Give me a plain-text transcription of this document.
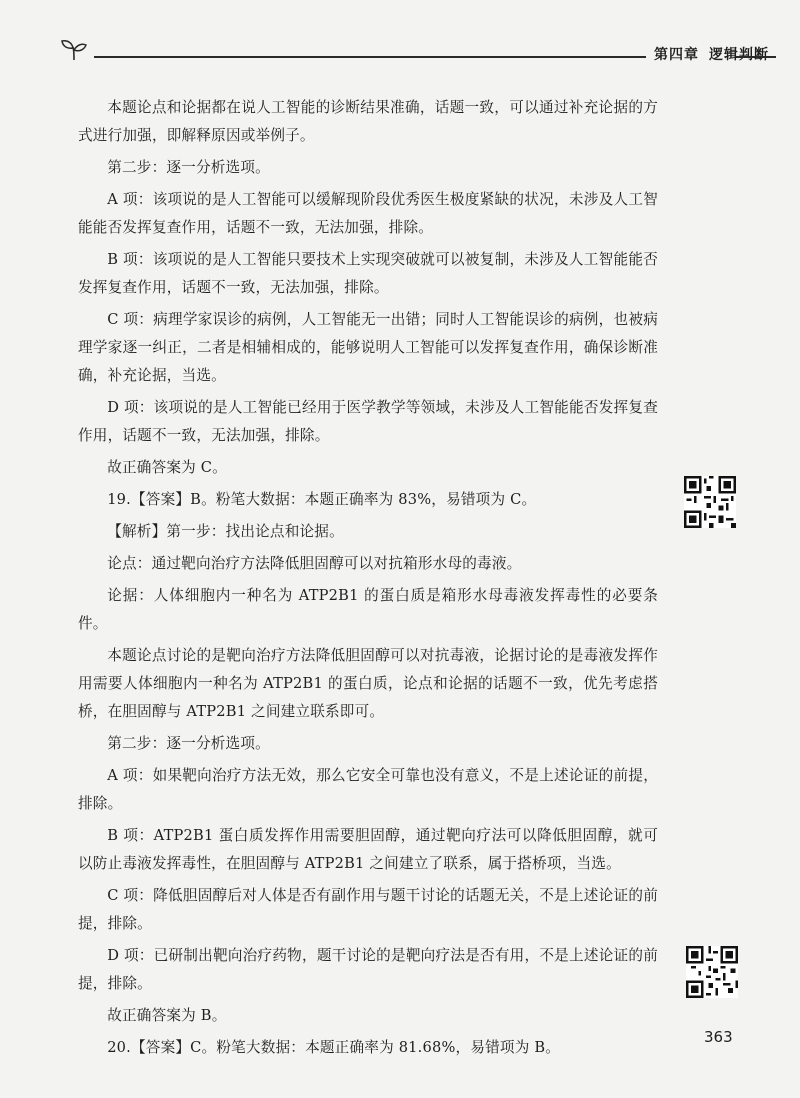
第四章 逻辑判断

本题论点和论据都在说人工智能的诊断结果准确，话题一致，可以通过补充论据的方式进行加强，即解释原因或举例子。

第二步：逐一分析选项。

A 项：该项说的是人工智能可以缓解现阶段优秀医生极度紧缺的状况，未涉及人工智能能否发挥复查作用，话题不一致，无法加强，排除。

B 项：该项说的是人工智能只要技术上实现突破就可以被复制，未涉及人工智能能否发挥复查作用，话题不一致，无法加强，排除。

C 项：病理学家误诊的病例，人工智能无一出错；同时人工智能误诊的病例，也被病理学家逐一纠正，二者是相辅相成的，能够说明人工智能可以发挥复查作用，确保诊断准确，补充论据，当选。

D 项：该项说的是人工智能已经用于医学教学等领域，未涉及人工智能能否发挥复查作用，话题不一致，无法加强，排除。

故正确答案为 C。

19.【答案】B。粉笔大数据：本题正确率为 83%，易错项为 C。

【解析】第一步：找出论点和论据。

论点：通过靶向治疗方法降低胆固醇可以对抗箱形水母的毒液。

论据：人体细胞内一种名为 ATP2B1 的蛋白质是箱形水母毒液发挥毒性的必要条件。

本题论点讨论的是靶向治疗方法降低胆固醇可以对抗毒液，论据讨论的是毒液发挥作用需要人体细胞内一种名为 ATP2B1 的蛋白质，论点和论据的话题不一致，优先考虑搭桥，在胆固醇与 ATP2B1 之间建立联系即可。

第二步：逐一分析选项。

A 项：如果靶向治疗方法无效，那么它安全可靠也没有意义，不是上述论证的前提，排除。

B 项：ATP2B1 蛋白质发挥作用需要胆固醇，通过靶向疗法可以降低胆固醇，就可以防止毒液发挥毒性，在胆固醇与 ATP2B1 之间建立了联系，属于搭桥项，当选。

C 项：降低胆固醇后对人体是否有副作用与题干讨论的话题无关，不是上述论证的前提，排除。

D 项：已研制出靶向治疗药物，题干讨论的是靶向疗法是否有用，不是上述论证的前提，排除。

故正确答案为 B。

20.【答案】C。粉笔大数据：本题正确率为 81.68%，易错项为 B。

363
